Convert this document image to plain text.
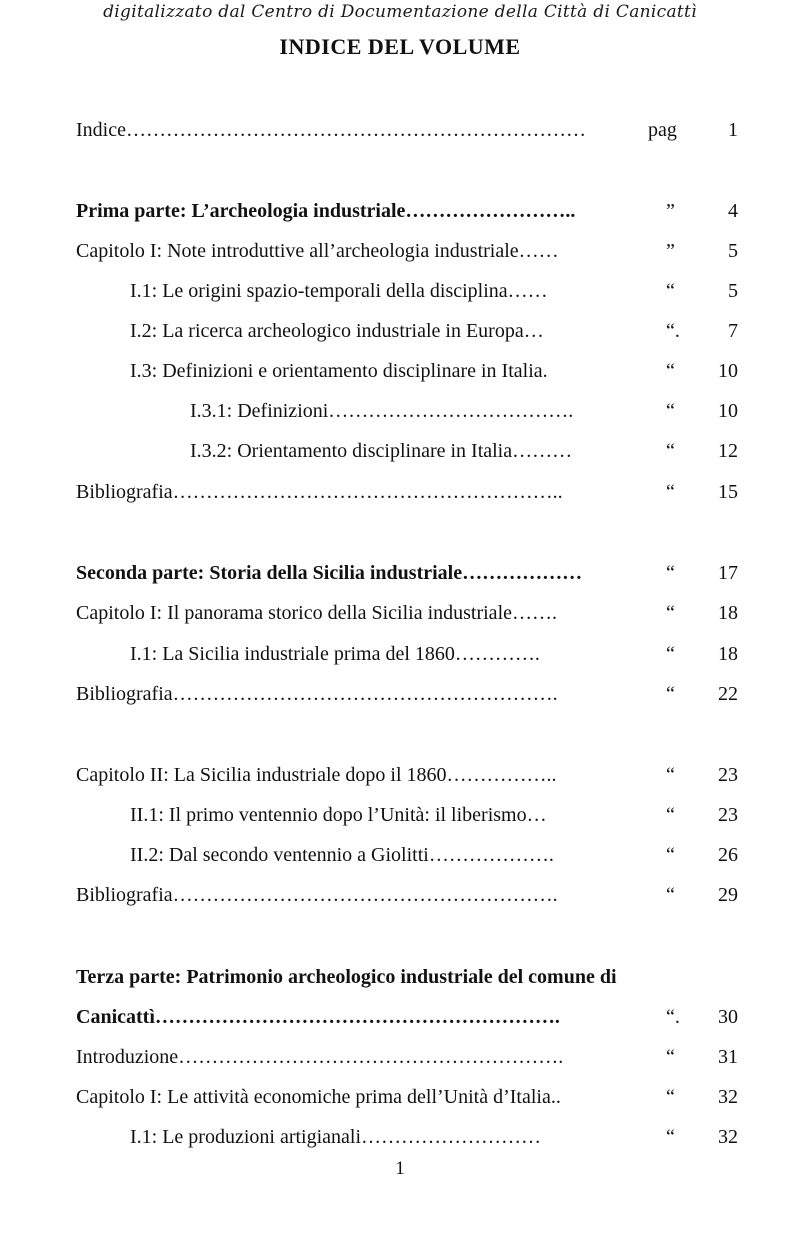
digitalizzato dal Centro di Documentazione della Città di Canicattì
INDICE DEL VOLUME
Indice……………………………………………………………	pag	1
Prima parte: L’archeologia industriale……………………..	”	4
Capitolo I: Note introduttive all’archeologia industriale……	”	5
I.1: Le origini spazio-temporali della disciplina……	“	5
I.2: La ricerca archeologico industriale in Europa…	“. 7
I.3: Definizioni e orientamento disciplinare in Italia.	“ 10
I.3.1: Definizioni……………………………….	“ 10
I.3.2: Orientamento disciplinare in Italia………	“ 12
Bibliografia…………………………………………………..	“ 15
Seconda parte: Storia della Sicilia industriale………………	“ 17
Capitolo I: Il panorama storico della Sicilia industriale…….	“ 18
I.1: La Sicilia industriale prima del 1860………….	“ 18
Bibliografia………………………………………………….	“ 22
Capitolo II: La Sicilia industriale dopo il 1860……………..	“ 23
II.1: Il primo ventennio dopo l’Unità: il liberismo…	“ 23
II.2: Dal secondo ventennio a Giolitti……………….	“ 26
Bibliografia………………………………………………….	“ 29
Terza parte: Patrimonio archeologico industriale del comune di
Canicattì…………………………………………………….	“. 30
Introduzione………………………………………………….	“ 31
Capitolo I: Le attività economiche prima dell’Unità d’Italia..	“ 32
I.1: Le produzioni artigianali………………………	“ 32
1
